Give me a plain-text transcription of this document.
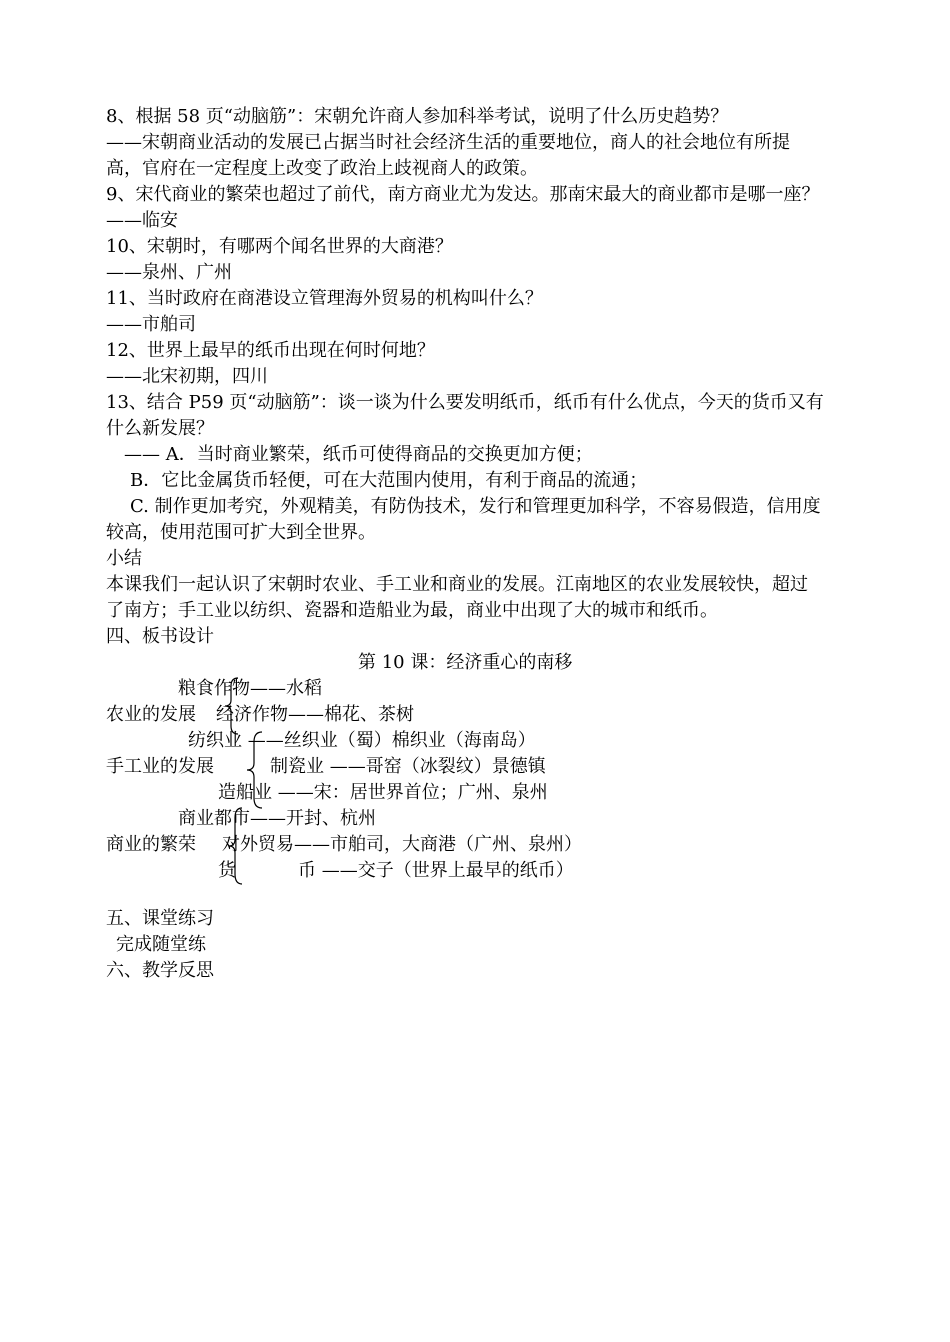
8、根据 58 页“动脑筋”：宋朝允许商人参加科举考试，说明了什么历史趋势？
——宋朝商业活动的发展已占据当时社会经济生活的重要地位，商人的社会地位有所提
高，官府在一定程度上改变了政治上歧视商人的政策。
9、宋代商业的繁荣也超过了前代，南方商业尤为发达。那南宋最大的商业都市是哪一座？
——临安
10、宋朝时，有哪两个闻名世界的大商港？
——泉州、广州
11、当时政府在商港设立管理海外贸易的机构叫什么？
——市舶司
12、世界上最早的纸币出现在何时何地？
——北宋初期，四川
13、结合 P59 页“动脑筋”：谈一谈为什么要发明纸币，纸币有什么优点，今天的货币又有
什么新发展？
—— A．当时商业繁荣，纸币可使得商品的交换更加方便；
B．它比金属货币轻便，可在大范围内使用，有利于商品的流通；
C. 制作更加考究，外观精美，有防伪技术，发行和管理更加科学，不容易假造，信用度
较高，使用范围可扩大到全世界。
小结
本课我们一起认识了宋朝时农业、手工业和商业的发展。江南地区的农业发展较快，超过
了南方；手工业以纺织、瓷器和造船业为最，商业中出现了大的城市和纸币。
四、板书设计
第 10 课：经济重心的南移
粮食作物——水稻
农业的发展 经济作物——棉花、茶树
纺织业 ——丝织业（蜀）棉织业（海南岛）
手工业的发展	制瓷业 ——哥窑（冰裂纹）景德镇
造船业 ——宋：居世界首位；广州、泉州
商业都市——开封、杭州
商业的繁荣 对外贸易——市舶司，大商港（广州、泉州）
货	币 ——交子（世界上最早的纸币）
五、课堂练习
完成随堂练
六、教学反思
